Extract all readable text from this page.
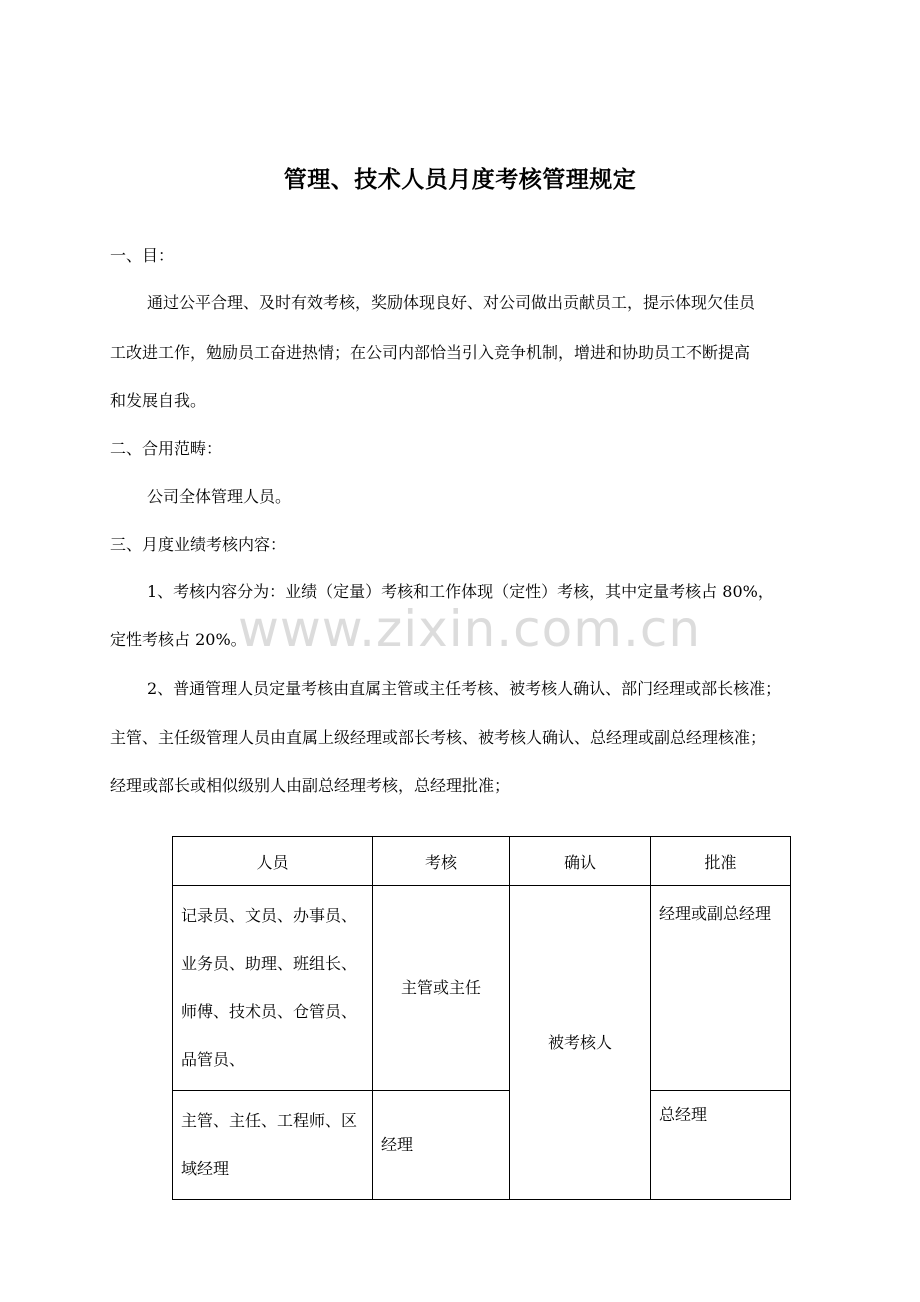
管理、技术人员月度考核管理规定
一、目：
通过公平合理、及时有效考核，奖励体现良好、对公司做出贡献员工，提示体现欠佳员
工改进工作，勉励员工奋进热情；在公司内部恰当引入竞争机制，增进和协助员工不断提高
和发展自我。
二、合用范畴：
公司全体管理人员。
三、月度业绩考核内容：
1、考核内容分为：业绩（定量）考核和工作体现（定性）考核，其中定量考核占 80%，
定性考核占 20%。
2、普通管理人员定量考核由直属主管或主任考核、被考核人确认、部门经理或部长核准；
主管、主任级管理人员由直属上级经理或部长考核、被考核人确认、总经理或副总经理核准；
经理或部长或相似级别人由副总经理考核，总经理批准；
www.zixin.com.cn
人员	考核	确认	批准

记录员、文员、办事员、业务员、助理、班组长、师傅、技术员、仓管员、品管员、	主管或主任	被考核人	经理或副总经理

主管、主任、工程师、区域经理	经理		总经理
